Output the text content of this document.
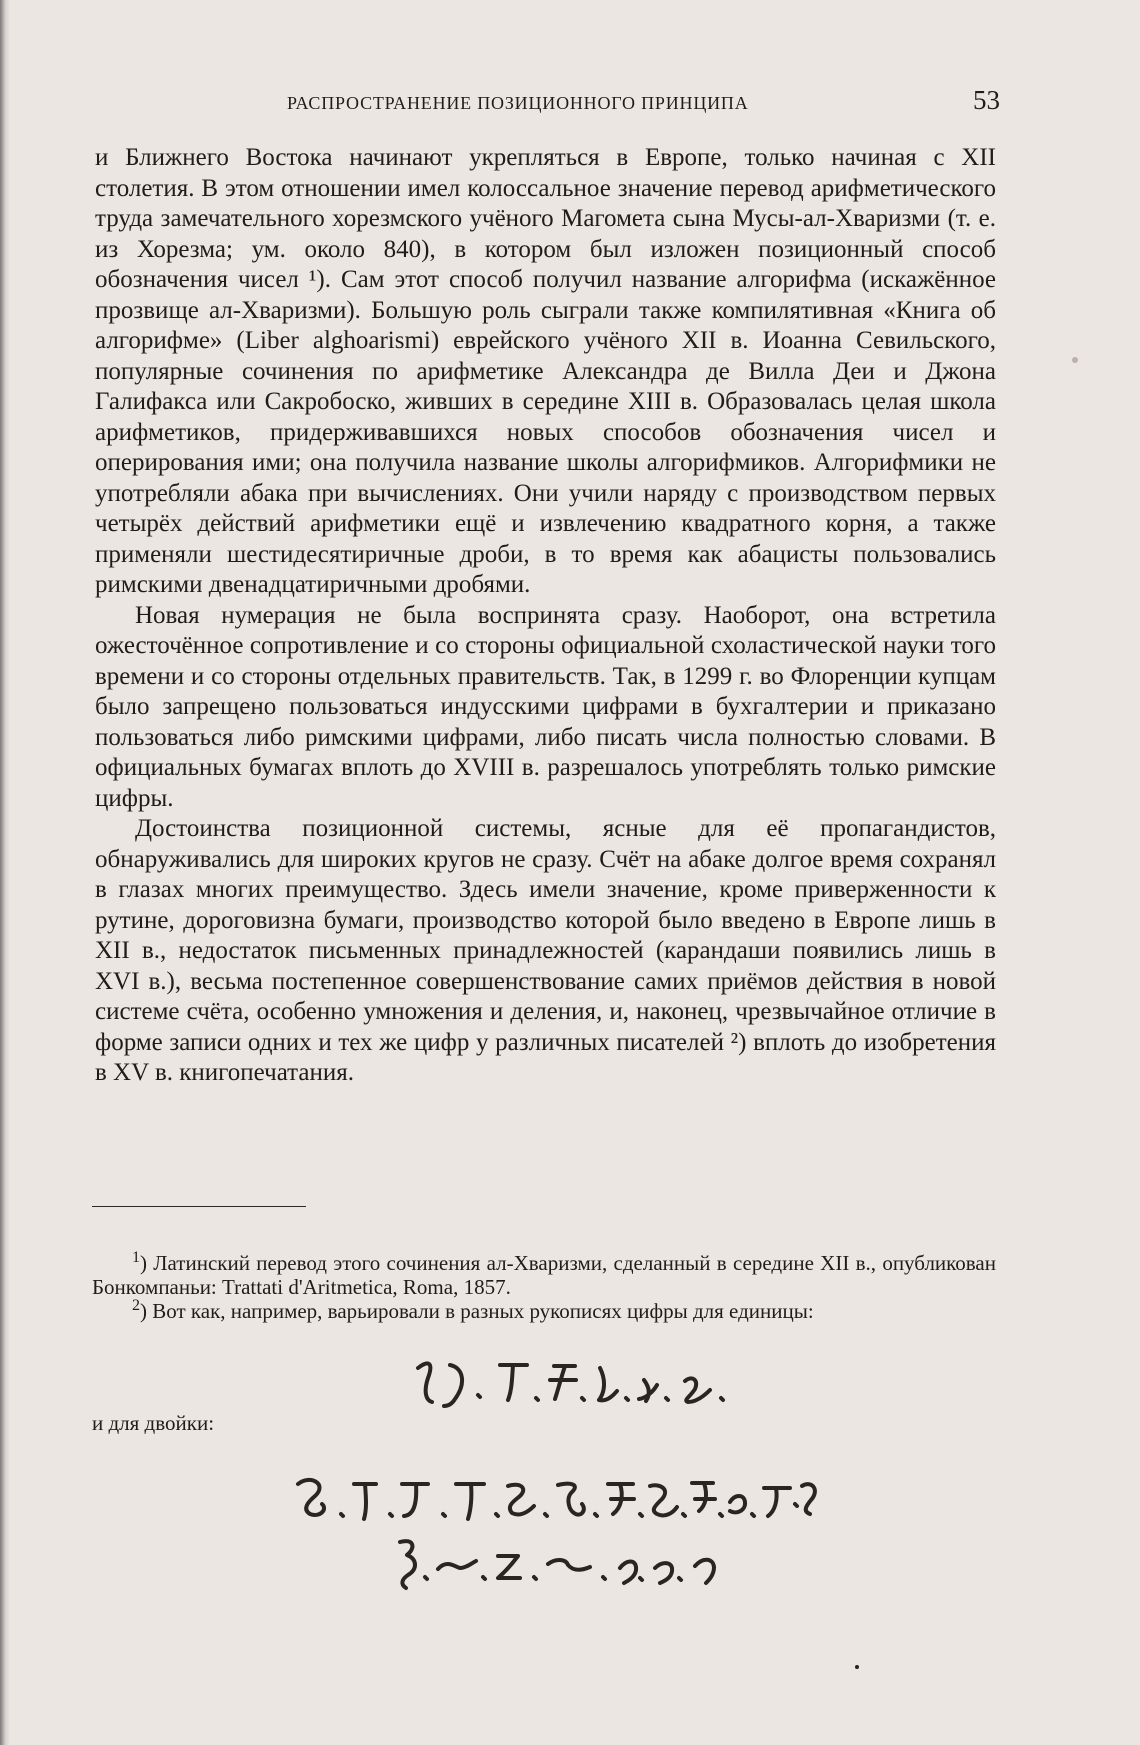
РАСПРОСТРАНЕНИЕ ПОЗИЦИОННОГО ПРИНЦИПА	53

и Ближнего Востока начинают укрепляться в Европе, только начиная с XII столетия. В этом отношении имел колоссальное значение перевод арифметического труда замечательного хорезмского учёного Магомета сына Мусы-ал-Хваризми (т. е. из Хорезма; ум. около 840), в котором был изложен позиционный способ обозначения чисел ¹). Сам этот способ получил название алгорифма (искажённое прозвище ал-Хваризми). Большую роль сыграли также компилятивная «Книга об алгорифме» (Liber alghoarismi) еврейского учёного XII в. Иоанна Севильского, популярные сочинения по арифметике Александра де Вилла Деи и Джона Галифакса или Сакробоско, живших в середине XIII в. Образовалась целая школа арифметиков, придерживавшихся новых способов обозначения чисел и оперирования ими; она получила название школы алгорифмиков. Алгорифмики не употребляли абака при вычислениях. Они учили наряду с производством первых четырёх действий арифметики ещё и извлечению квадратного корня, а также применяли шестидесятиричные дроби, в то время как абацисты пользовались римскими двенадцатиричными дробями.

Новая нумерация не была воспринята сразу. Наоборот, она встретила ожесточённое сопротивление и со стороны официальной схоластической науки того времени и со стороны отдельных правительств. Так, в 1299 г. во Флоренции купцам было запрещено пользоваться индусскими цифрами в бухгалтерии и приказано пользоваться либо римскими цифрами, либо писать числа полностью словами. В официальных бумагах вплоть до XVIII в. разрешалось употреблять только римские цифры.

Достоинства позиционной системы, ясные для её пропагандистов, обнаруживались для широких кругов не сразу. Счёт на абаке долгое время сохранял в глазах многих преимущество. Здесь имели значение, кроме приверженности к рутине, дороговизна бумаги, производство которой было введено в Европе лишь в XII в., недостаток письменных принадлежностей (карандаши появились лишь в XVI в.), весьма постепенное совершенствование самих приёмов действия в новой системе счёта, особенно умножения и деления, и, наконец, чрезвычайное отличие в форме записи одних и тех же цифр у различных писателей ²) вплоть до изобретения в XV в. книгопечатания.

$^1$) Латинский перевод этого сочинения ал-Хваризми, сделанный в середине XII в., опубликован Бонкомпаньи: Trattati d'Aritmetica, Roma, 1857.

$^2$) Вот как, например, варьировали в разных рукописях цифры для единицы:

и для двойки:
